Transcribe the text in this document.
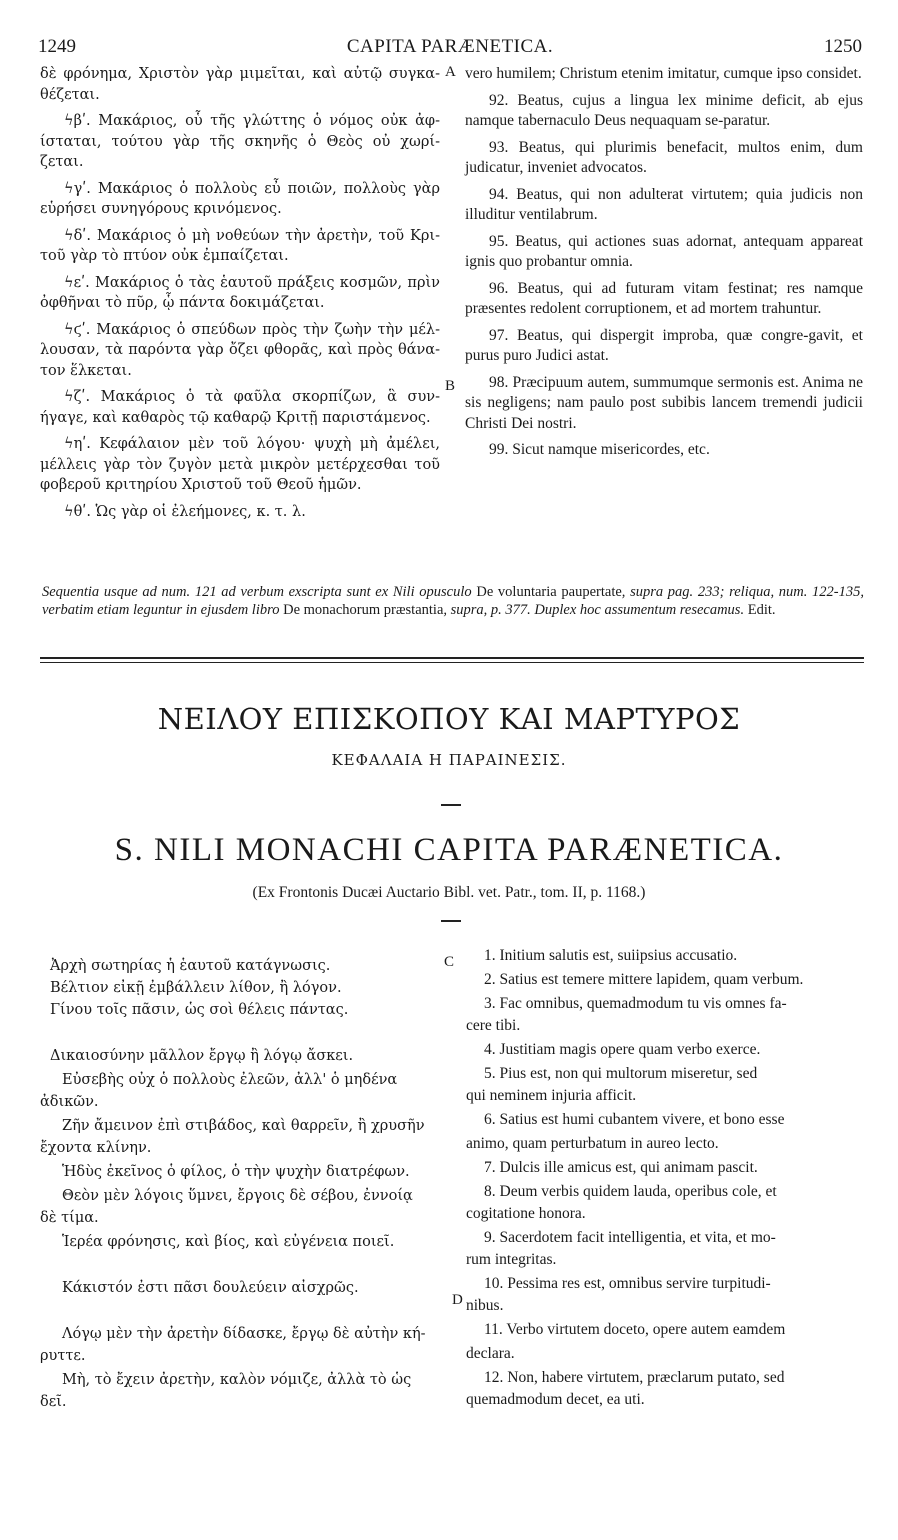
1249	CAPITA PARÆNETICA.	1250

δὲ φρόνημα, Χριστὸν γὰρ μιμεῖται, καὶ αὐτῷ συγκα-θέζεται.

ϟβʹ. Μακάριος, οὗ τῆς γλώττης ὁ νόμος οὐκ ἀφ-ίσταται, τούτου γὰρ τῆς σκηνῆς ὁ Θεὸς οὐ χωρί-ζεται.

ϟγʹ. Μακάριος ὁ πολλοὺς εὖ ποιῶν, πολλοὺς γὰρ εὑρήσει συνηγόρους κρινόμενος.

ϟδʹ. Μακάριος ὁ μὴ νοθεύων τὴν ἀρετὴν, τοῦ Κρι-τοῦ γὰρ τὸ πτύον οὐκ ἐμπαίζεται.

ϟεʹ. Μακάριος ὁ τὰς ἑαυτοῦ πράξεις κοσμῶν, πρὶν ὀφθῆναι τὸ πῦρ, ᾧ πάντα δοκιμάζεται.

ϟϛʹ. Μακάριος ὁ σπεύδων πρὸς τὴν ζωὴν τὴν μέλ-λουσαν, τὰ παρόντα γὰρ ὄζει φθορᾶς, καὶ πρὸς θάνα-τον ἕλκεται.

ϟζʹ. Μακάριος ὁ τὰ φαῦλα σκορπίζων, ἃ συν-ήγαγε, καὶ καθαρὸς τῷ καθαρῷ Κριτῇ παριστάμενος.

ϟηʹ. Κεφάλαιον μὲν τοῦ λόγου· ψυχὴ μὴ ἀμέλει, μέλλεις γὰρ τὸν ζυγὸν μετὰ μικρὸν μετέρχεσθαι τοῦ φοβεροῦ κριτηρίου Χριστοῦ τοῦ Θεοῦ ἡμῶν.

ϟθʹ. Ὡς γὰρ οἱ ἐλεήμονες, κ. τ. λ.

A
B

vero humilem; Christum etenim imitatur, cumque ipso considet.

92. Beatus, cujus a lingua lex minime deficit, ab ejus namque tabernaculo Deus nequaquam se-paratur.

93. Beatus, qui plurimis benefacit, multos enim, dum judicatur, inveniet advocatos.

94. Beatus, qui non adulterat virtutem; quia judicis non illuditur ventilabrum.

95. Beatus, qui actiones suas adornat, antequam appareat ignis quo probantur omnia.

96. Beatus, qui ad futuram vitam festinat; res namque præsentes redolent corruptionem, et ad mortem trahuntur.

97. Beatus, qui dispergit improba, quæ congre-gavit, et purus puro Judici astat.

98. Præcipuum autem, summumque sermonis est. Anima ne sis negligens; nam paulo post subibis lancem tremendi judicii Christi Dei nostri.

99. Sicut namque misericordes, etc.

Sequentia usque ad num. 121 ad verbum exscripta sunt ex Nili opusculo De voluntaria paupertate, supra pag. 233; reliqua, num. 122-135, verbatim etiam leguntur in ejusdem libro De monachorum præstantia, supra, p. 377. Duplex hoc assumentum resecamus. Edit.
ΝΕΙΛΟΥ ΕΠΙΣΚΟΠΟΥ ΚΑΙ ΜΑΡΤΥΡΟΣ
ΚΕΦΑΛΑΙΑ Η ΠΑΡΑΙΝΕΣΙΣ.
S. NILI MONACHI CAPITA PARÆNETICA.
(Ex Frontonis Ducæi Auctario Bibl. vet. Patr., tom. II, p. 1168.)
Ἀρχὴ σωτηρίας ἡ ἑαυτοῦ κατάγνωσις.
Βέλτιον εἰκῇ ἐμβάλλειν λίθον, ἢ λόγον.
Γίνου τοῖς πᾶσιν, ὡς σοὶ θέλεις πάντας.
Δικαιοσύνην μᾶλλον ἔργῳ ἢ λόγῳ ἄσκει.
Εὐσεβὴς οὐχ ὁ πολλοὺς ἐλεῶν, ἀλλ' ὁ μηδένα
ἀδικῶν.
Ζῆν ἄμεινον ἐπὶ στιβάδος, καὶ θαρρεῖν, ἢ χρυσῆν
ἔχοντα κλίνην.
Ἡδὺς ἐκεῖνος ὁ φίλος, ὁ τὴν ψυχὴν διατρέφων.
Θεὸν μὲν λόγοις ὕμνει, ἔργοις δὲ σέβου, ἐννοίᾳ
δὲ τίμα.
Ἱερέα φρόνησις, καὶ βίος, καὶ εὐγένεια ποιεῖ.
Κάκιστόν ἐστι πᾶσι δουλεύειν αἰσχρῶς.
Λόγῳ μὲν τὴν ἀρετὴν δίδασκε, ἔργῳ δὲ αὐτὴν κή-
ρυττε.
Μὴ, τὸ ἔχειν ἀρετὴν, καλὸν νόμιζε, ἀλλὰ τὸ ὡς
δεῖ.
C
D
1. Initium salutis est, suiipsius accusatio.
2. Satius est temere mittere lapidem, quam verbum.
3. Fac omnibus, quemadmodum tu vis omnes fa-
cere tibi.
4. Justitiam magis opere quam verbo exerce.
5. Pius est, non qui multorum miseretur, sed
qui neminem injuria afficit.
6. Satius est humi cubantem vivere, et bono esse
animo, quam perturbatum in aureo lecto.
7. Dulcis ille amicus est, qui animam pascit.
8. Deum verbis quidem lauda, operibus cole, et
cogitatione honora.
9. Sacerdotem facit intelligentia, et vita, et mo-
rum integritas.
10. Pessima res est, omnibus servire turpitudi-
nibus.
11. Verbo virtutem doceto, opere autem eamdem
declara.
12. Non, habere virtutem, præclarum putato, sed
quemadmodum decet, ea uti.
